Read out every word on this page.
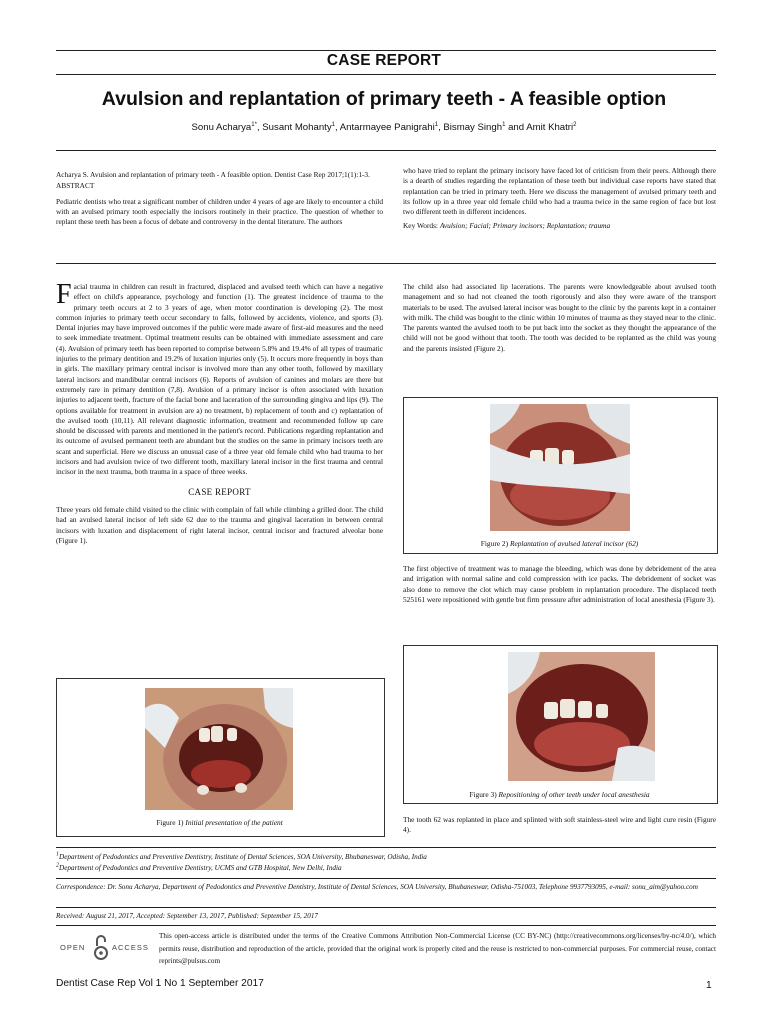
CASE REPORT
Avulsion and replantation of primary teeth - A feasible option
Sonu Acharya$^{1*}$, Susant Mohanty$^1$, Antarmayee Panigrahi$^1$, Bismay Singh$^1$ and Amit Khatri$^2$

Acharya S. Avulsion and replantation of primary teeth - A feasible option. Dentist Case Rep 2017;1(1):1-3.

ABSTRACT

Pediatric dentists who treat a significant number of children under 4 years of age are likely to encounter a child with an avulsed primary tooth especially the incisors routinely in their practice. The question of whether to replant these teeth has been a focus of debate and controversy in the dental literature. The authors

who have tried to replant the primary incisory have faced lot of criticism from their peers. Although there is a dearth of studies regarding the replantation of these teeth but individual case reports have stated that replantation can be tried in primary teeth. Here we discuss the management of avulsed primary teeth and its follow up in a three year old female child who had a trauma twice in the same region of face but lost two different teeth in different incidences.

Key Words: Avulsion; Facial; Primary incisors; Replantation; trauma

Facial trauma in children can result in fractured, displaced and avulsed teeth which can have a negative effect on child's appearance, psychology and function (1). The greatest incidence of trauma to the primary teeth occurs at 2 to 3 years of age, when motor coordination is developing (2). The most common injuries to primary teeth occur secondary to falls, followed by accidents, violence, and sports (3). Dental injuries may have improved outcomes if the public were made aware of first-aid measures and the need to seek immediate treatment. Optimal treatment results can be obtained with immediate assessment and care (4). Avulsion of primary teeth has been reported to comprise between 5.8% and 19.4% of all types of traumatic injuries to the primary dentition and 19.2% of luxation injuries only (5). It occurs more frequently in boys than in girls. The maxillary primary central incisor is involved more than any other tooth, followed by maxillary lateral incisors and mandibular central incisors (6). Reports of avulsion of canines and molars are there but extremely rare in primary dentition (7,8). Avulsion of a primary incisor is often associated with luxation injuries to adjacent teeth, fracture of the facial bone and laceration of the surrounding gingiva and lips (9). The options available for treatment in avulsion are a) no treatment, b) replacement of tooth and c) replantation of the avulsed tooth (10,11). All relevant diagnostic information, treatment and recommended follow up care should be discussed with parents and mentioned in the patient's record. Publications regarding replantation and its outcome of avulsed permanent teeth are abundant but the studies on the same in primary incisors teeth are scant and superficial. Here we discuss an unusual case of a three year old female child who had trauma to her incisors and had avulsion twice of two different tooth, maxillary lateral incisor in the first trauma and central incisor in the next trauma, both trauma in a space of three weeks.

CASE REPORT

Three years old female child visited to the clinic with complain of fall while climbing a grilled door. The child had an avulsed lateral incisor of left side 62 due to the trauma and gingival laceration in between central incisors with luxation and displacement of right lateral incisor, central incisor and fractured alveolar bone (Figure 1).

Figure 1) Initial presentation of the patient

The child also had associated lip lacerations. The parents were knowledgeable about avulsed tooth management and so had not cleaned the tooth rigorously and also they were aware of the transport materials to be used. The avulsed lateral incisor was bought to the clinic by the parents kept in a container with milk. The child was bought to the clinic within 10 minutes of trauma as they stayed near to the clinic. The parents wanted the avulsed tooth to be put back into the socket as they thought the appearance of the child will not be good without that tooth. The tooth was decided to be replanted as the child was young and the parents insisted (Figure 2).

Figure 2) Replantation of avulsed lateral incisor (62)

The first objective of treatment was to manage the bleeding, which was done by debridement of the area and irrigation with normal saline and cold compression with ice packs. The debridement of socket was also done to remove the clot which may cause problem in replantation procedure. The displaced teeth 525161 were repositioned with gentle but firm pressure after administration of local anesthesia (Figure 3).

Figure 3) Repositioning of other teeth under local anesthesia

The tooth 62 was replanted in place and splinted with soft stainless-steel wire and light cure resin (Figure 4).

$^1$Department of Pedodontics and Preventive Dentistry, Institute of Dental Sciences, SOA University, Bhubaneswar, Odisha, India
$^2$Department of Pedodontics and Preventive Dentistry, UCMS and GTB Hospital, New Delhi, India
Correspondence: Dr. Sonu Acharya, Department of Pedodontics and Preventive Dentistry, Institute of Dental Sciences, SOA University, Bhubaneswar, Odisha-751003, Telephone 9937793095, e-mail: sonu_aim@yahoo.com
Received: August 21, 2017, Accepted: September 13, 2017, Published: September 15, 2017
OPEN	ACCESS
This open-access article is distributed under the terms of the Creative Commons Attribution Non-Commercial License (CC BY-NC) (http://creativecommons.org/licenses/by-nc/4.0/), which permits reuse, distribution and reproduction of the article, provided that the original work is properly cited and the reuse is restricted to non-commercial purposes. For commercial reuse, contact reprints@pulsus.com
Dentist Case Rep Vol 1 No 1 September 2017	1
